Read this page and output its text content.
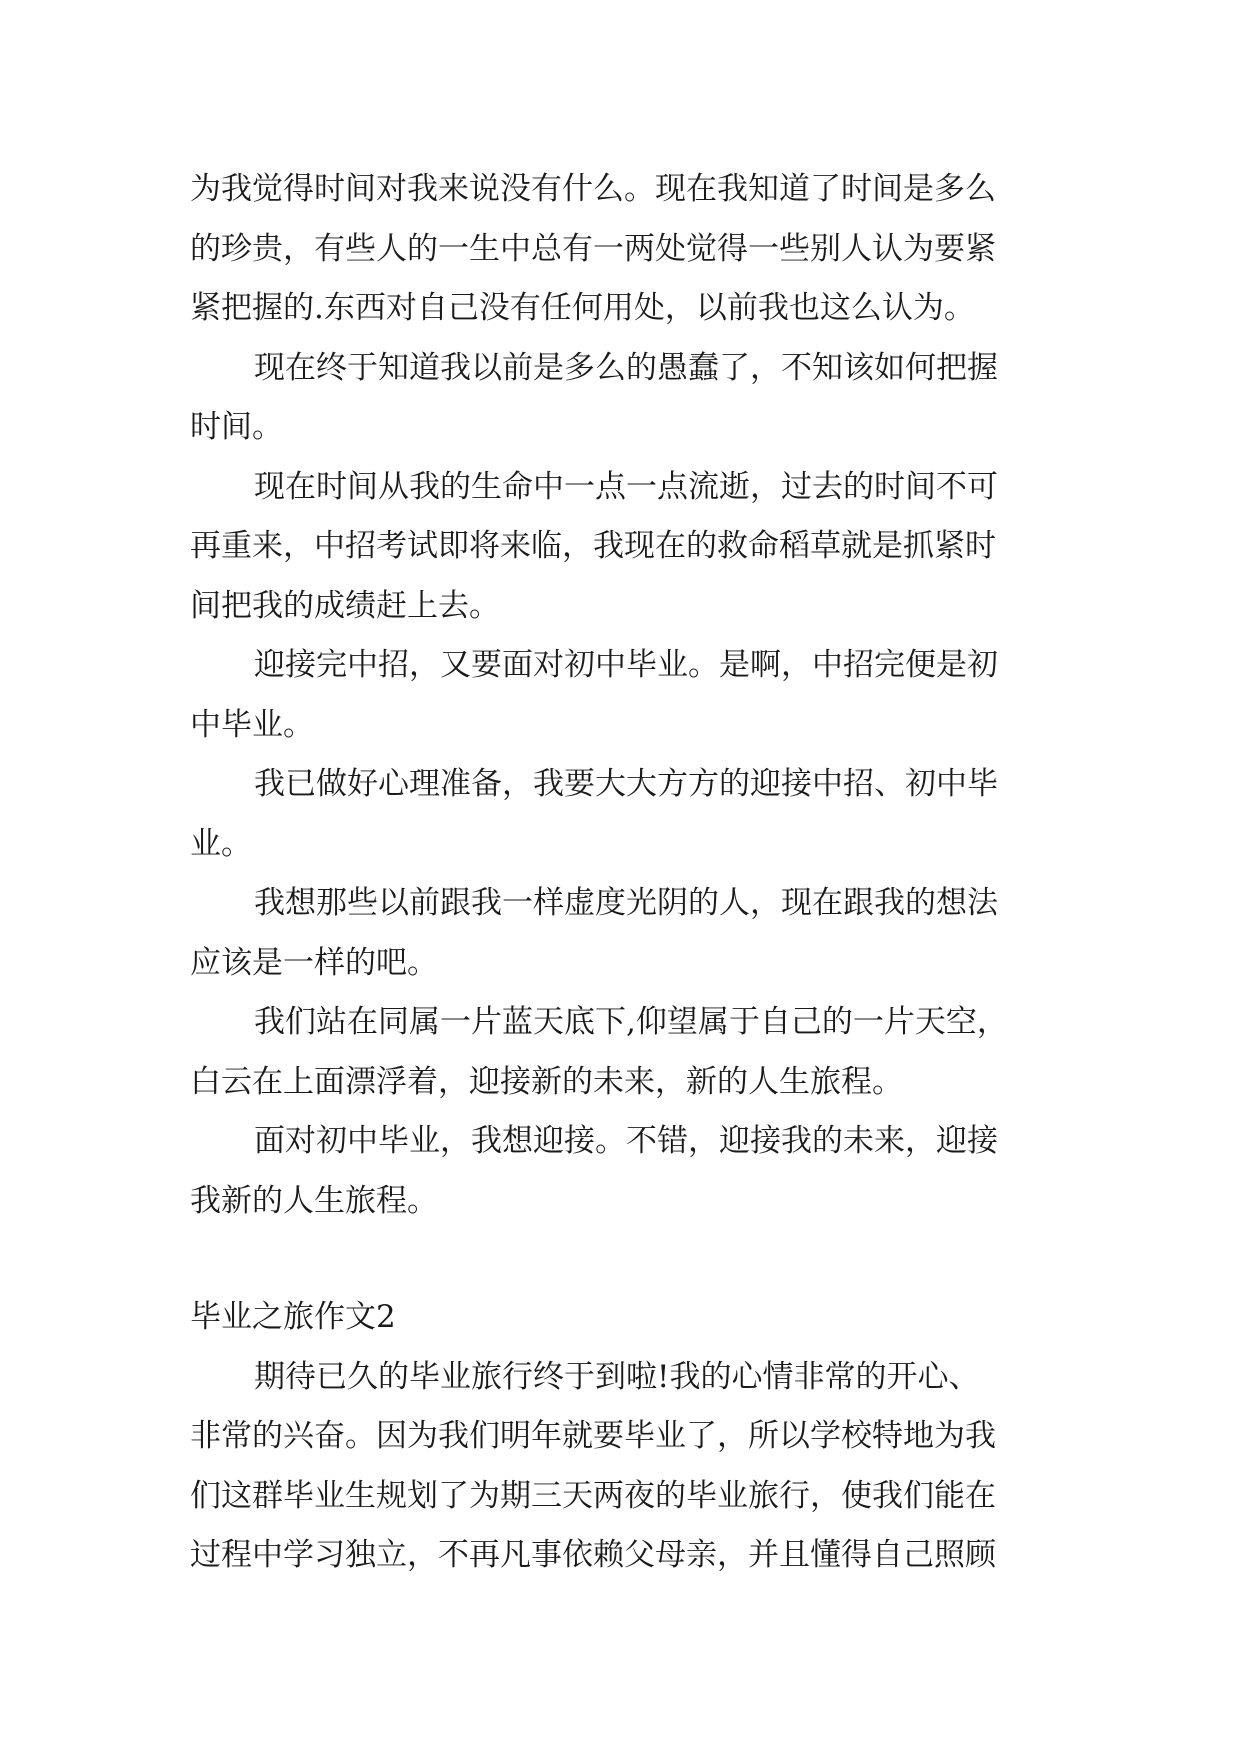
为我觉得时间对我来说没有什么。现在我知道了时间是多么
的珍贵，有些人的一生中总有一两处觉得一些别人认为要紧
紧把握的.东西对自己没有任何用处，以前我也这么认为。
现在终于知道我以前是多么的愚蠢了，不知该如何把握
时间。
现在时间从我的生命中一点一点流逝，过去的时间不可
再重来，中招考试即将来临，我现在的救命稻草就是抓紧时
间把我的成绩赶上去。
迎接完中招，又要面对初中毕业。是啊，中招完便是初
中毕业。
我已做好心理准备，我要大大方方的迎接中招、初中毕
业。
我想那些以前跟我一样虚度光阴的人，现在跟我的想法
应该是一样的吧。
我们站在同属一片蓝天底下,仰望属于自己的一片天空，
白云在上面漂浮着，迎接新的未来，新的人生旅程。
面对初中毕业，我想迎接。不错，迎接我的未来，迎接
我新的人生旅程。
毕业之旅作文2
期待已久的毕业旅行终于到啦!我的心情非常的开心、
非常的兴奋。因为我们明年就要毕业了，所以学校特地为我
们这群毕业生规划了为期三天两夜的毕业旅行，使我们能在
过程中学习独立，不再凡事依赖父母亲，并且懂得自己照顾
